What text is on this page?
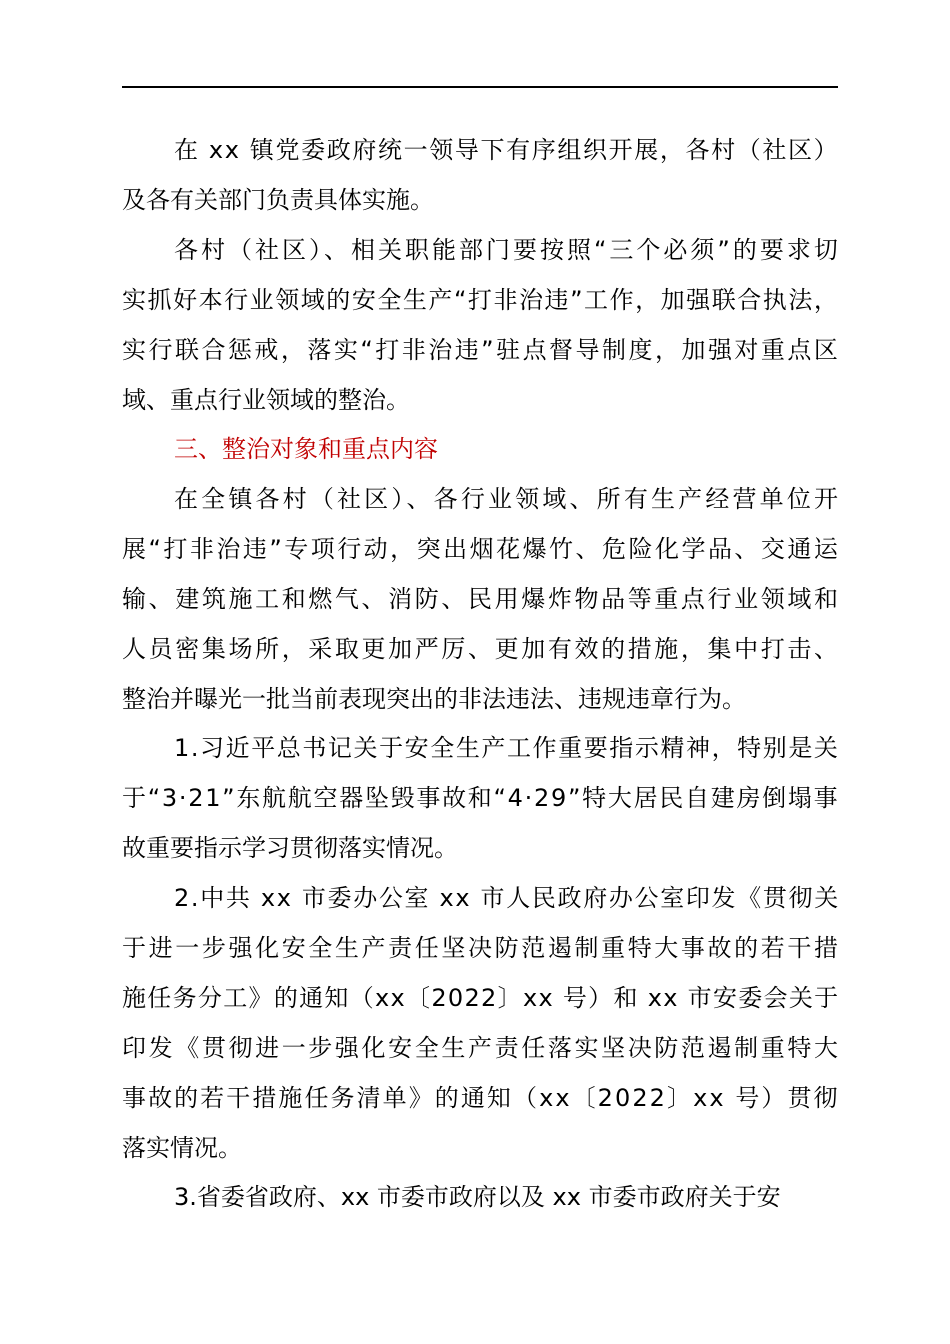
在 xx 镇党委政府统一领导下有序组织开展，各村（社区）
及各有关部门负责具体实施。
各村（社区）、相关职能部门要按照“三个必须”的要求切
实抓好本行业领域的安全生产“打非治违”工作，加强联合执法，
实行联合惩戒，落实“打非治违”驻点督导制度，加强对重点区
域、重点行业领域的整治。
三、整治对象和重点内容
在全镇各村（社区）、各行业领域、所有生产经营单位开
展“打非治违”专项行动，突出烟花爆竹、危险化学品、交通运
输、建筑施工和燃气、消防、民用爆炸物品等重点行业领域和
人员密集场所，采取更加严厉、更加有效的措施，集中打击、
整治并曝光一批当前表现突出的非法违法、违规违章行为。
1.习近平总书记关于安全生产工作重要指示精神，特别是关
于“3·21”东航航空器坠毁事故和“4·29”特大居民自建房倒塌事
故重要指示学习贯彻落实情况。
2.中共 xx 市委办公室 xx 市人民政府办公室印发《贯彻关
于进一步强化安全生产责任坚决防范遏制重特大事故的若干措
施任务分工》的通知（xx〔2022〕xx 号）和 xx 市安委会关于
印发《贯彻进一步强化安全生产责任落实坚决防范遏制重特大
事故的若干措施任务清单》的通知（xx〔2022〕xx 号）贯彻
落实情况。
3.省委省政府、xx 市委市政府以及 xx 市委市政府关于安
